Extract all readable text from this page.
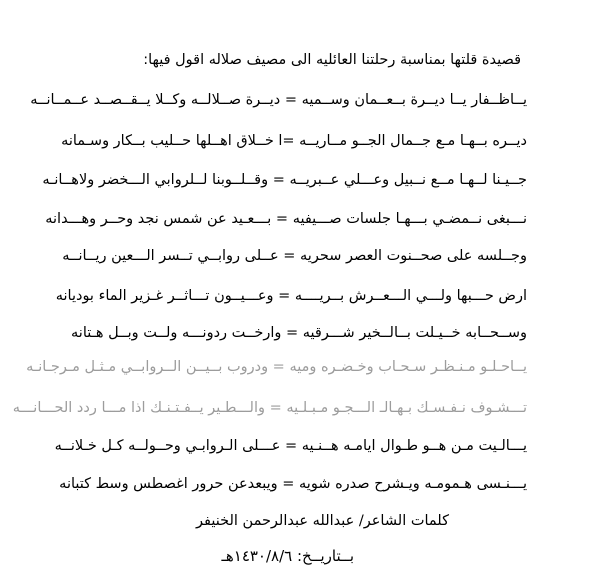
قصيدة قلتها بمناسبة رحلتنا العائليه الى مصيف صلاله اقول فيها:
يــاظــفار يــا ديــرة بــعــمان وســميه = ديــرة صــلالــه وكــلا يــقــصــد عــمــانــه
ديــره بــهـا مـع جــمال الجــو مــاريــه =ا خــلاق اهــلها حــليب بــكار وسـمانه
جــيـنا لــهـا مــع نــبيل وعـــلي عــبريــه = وقــلــوبنا لــلروابي الـــخضر ولاهــانـه
نـــبغى نــمضـي بـــهـا جلسات صـــيفيه = بـــعـيد عن شمس نجد وحــر وهـــدانه
وجــلسه على صحــنوت العصر سحريه = عــلى روابــي تــسر الـــعين ريــانــه
ارض حـــبها ولـــي الـــعــرش بــريــــه = وعـــيــون تـــاثــر غـزير الماء بوديانه
وســحــابه خــيـلت بــالــخير شـــرقيه = وارخــت ردونـــه ولــت وبــل هـتانه
يــاحـلـو مـنـظـر سـحـاب وخـضـره وميه = ودروب بــيــن الــروابــي مـثـل مـرجـانـه
تـــشـوف نـفـسـك بـهـالـ الـــجـو مـبـلـيه = والـــطـير يــفـتـنـك اذا مـــا ردد الحـــانـــه
يـــالـيت مـن هــو طـوال ايامـه هــنـيه = عـــلى الـروابـي وحــولــه كـل خـلانــه
يـــنـسى هـمومـه ويـشرح صدره شويه = ويبعدعن حرور اغصطس وسط كتبانه
كلمات الشاعر/ عبدالله عبدالرحمن الخنيفر
بــتاريــخ: ١٤٣٠/٨/٦هـ
